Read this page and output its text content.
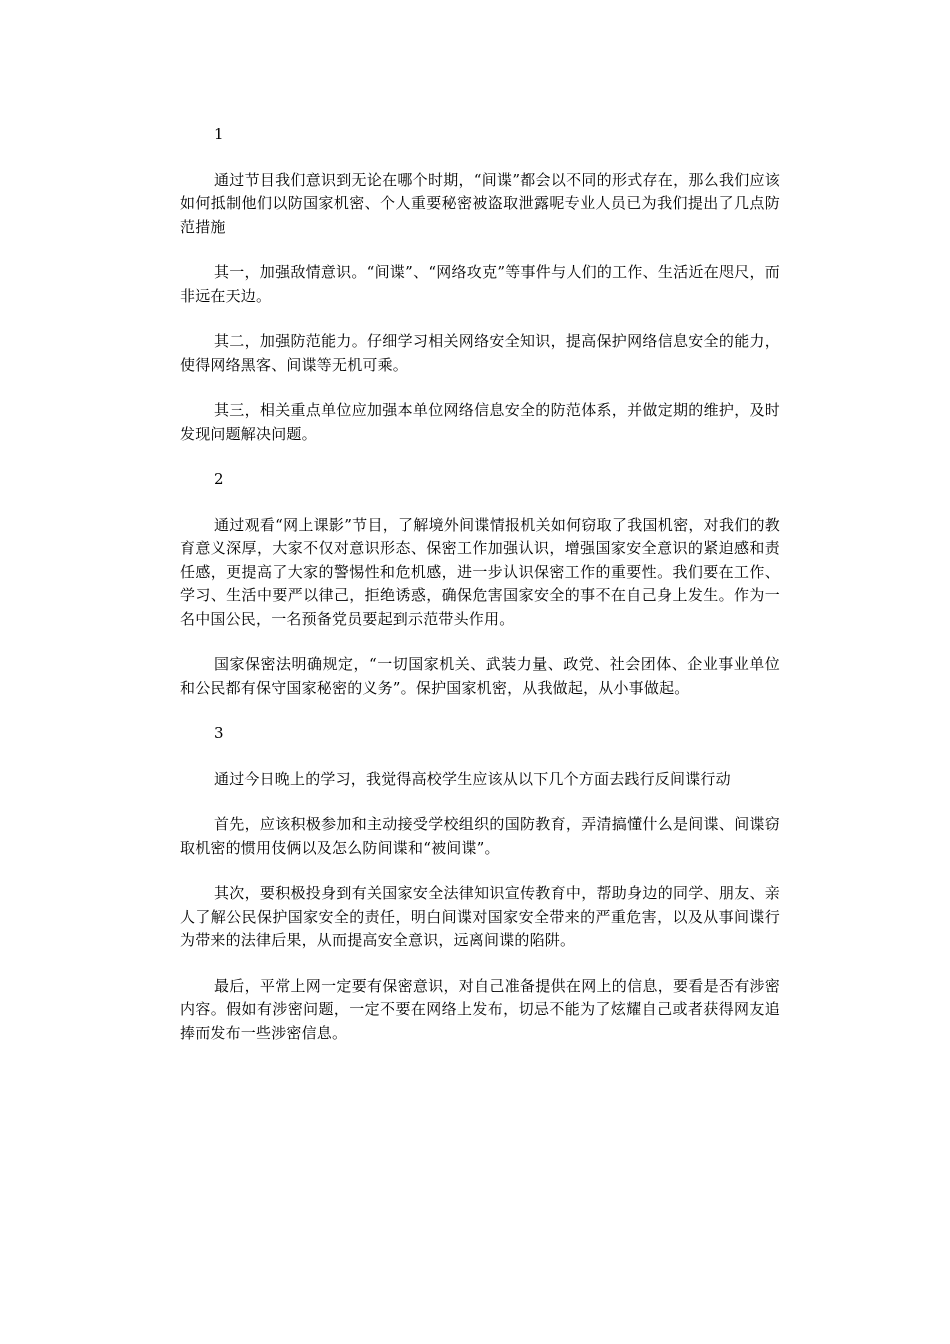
1

通过节目我们意识到无论在哪个时期，“间谍”都会以不同的形式存在，那么我们应该如何抵制他们以防国家机密、个人重要秘密被盗取泄露呢专业人员已为我们提出了几点防范措施

其一，加强敌情意识。“间谍”、“网络攻克”等事件与人们的工作、生活近在咫尺，而非远在天边。

其二，加强防范能力。仔细学习相关网络安全知识，提高保护网络信息安全的能力，使得网络黑客、间谍等无机可乘。

其三，相关重点单位应加强本单位网络信息安全的防范体系，并做定期的维护，及时发现问题解决问题。

2

通过观看“网上课影”节目，了解境外间谍情报机关如何窃取了我国机密，对我们的教育意义深厚，大家不仅对意识形态、保密工作加强认识，增强国家安全意识的紧迫感和责任感，更提高了大家的警惕性和危机感，进一步认识保密工作的重要性。我们要在工作、学习、生活中要严以律己，拒绝诱惑，确保危害国家安全的事不在自己身上发生。作为一名中国公民，一名预备党员要起到示范带头作用。

国家保密法明确规定，“一切国家机关、武装力量、政党、社会团体、企业事业单位和公民都有保守国家秘密的义务”。保护国家机密，从我做起，从小事做起。

3

通过今日晚上的学习，我觉得高校学生应该从以下几个方面去践行反间谍行动

首先，应该积极参加和主动接受学校组织的国防教育，弄清搞懂什么是间谍、间谍窃取机密的惯用伎俩以及怎么防间谍和“被间谍”。

其次，要积极投身到有关国家安全法律知识宣传教育中，帮助身边的同学、朋友、亲人了解公民保护国家安全的责任，明白间谍对国家安全带来的严重危害，以及从事间谍行为带来的法律后果，从而提高安全意识，远离间谍的陷阱。

最后，平常上网一定要有保密意识，对自己准备提供在网上的信息，要看是否有涉密内容。假如有涉密问题，一定不要在网络上发布，切忌不能为了炫耀自己或者获得网友追捧而发布一些涉密信息。
